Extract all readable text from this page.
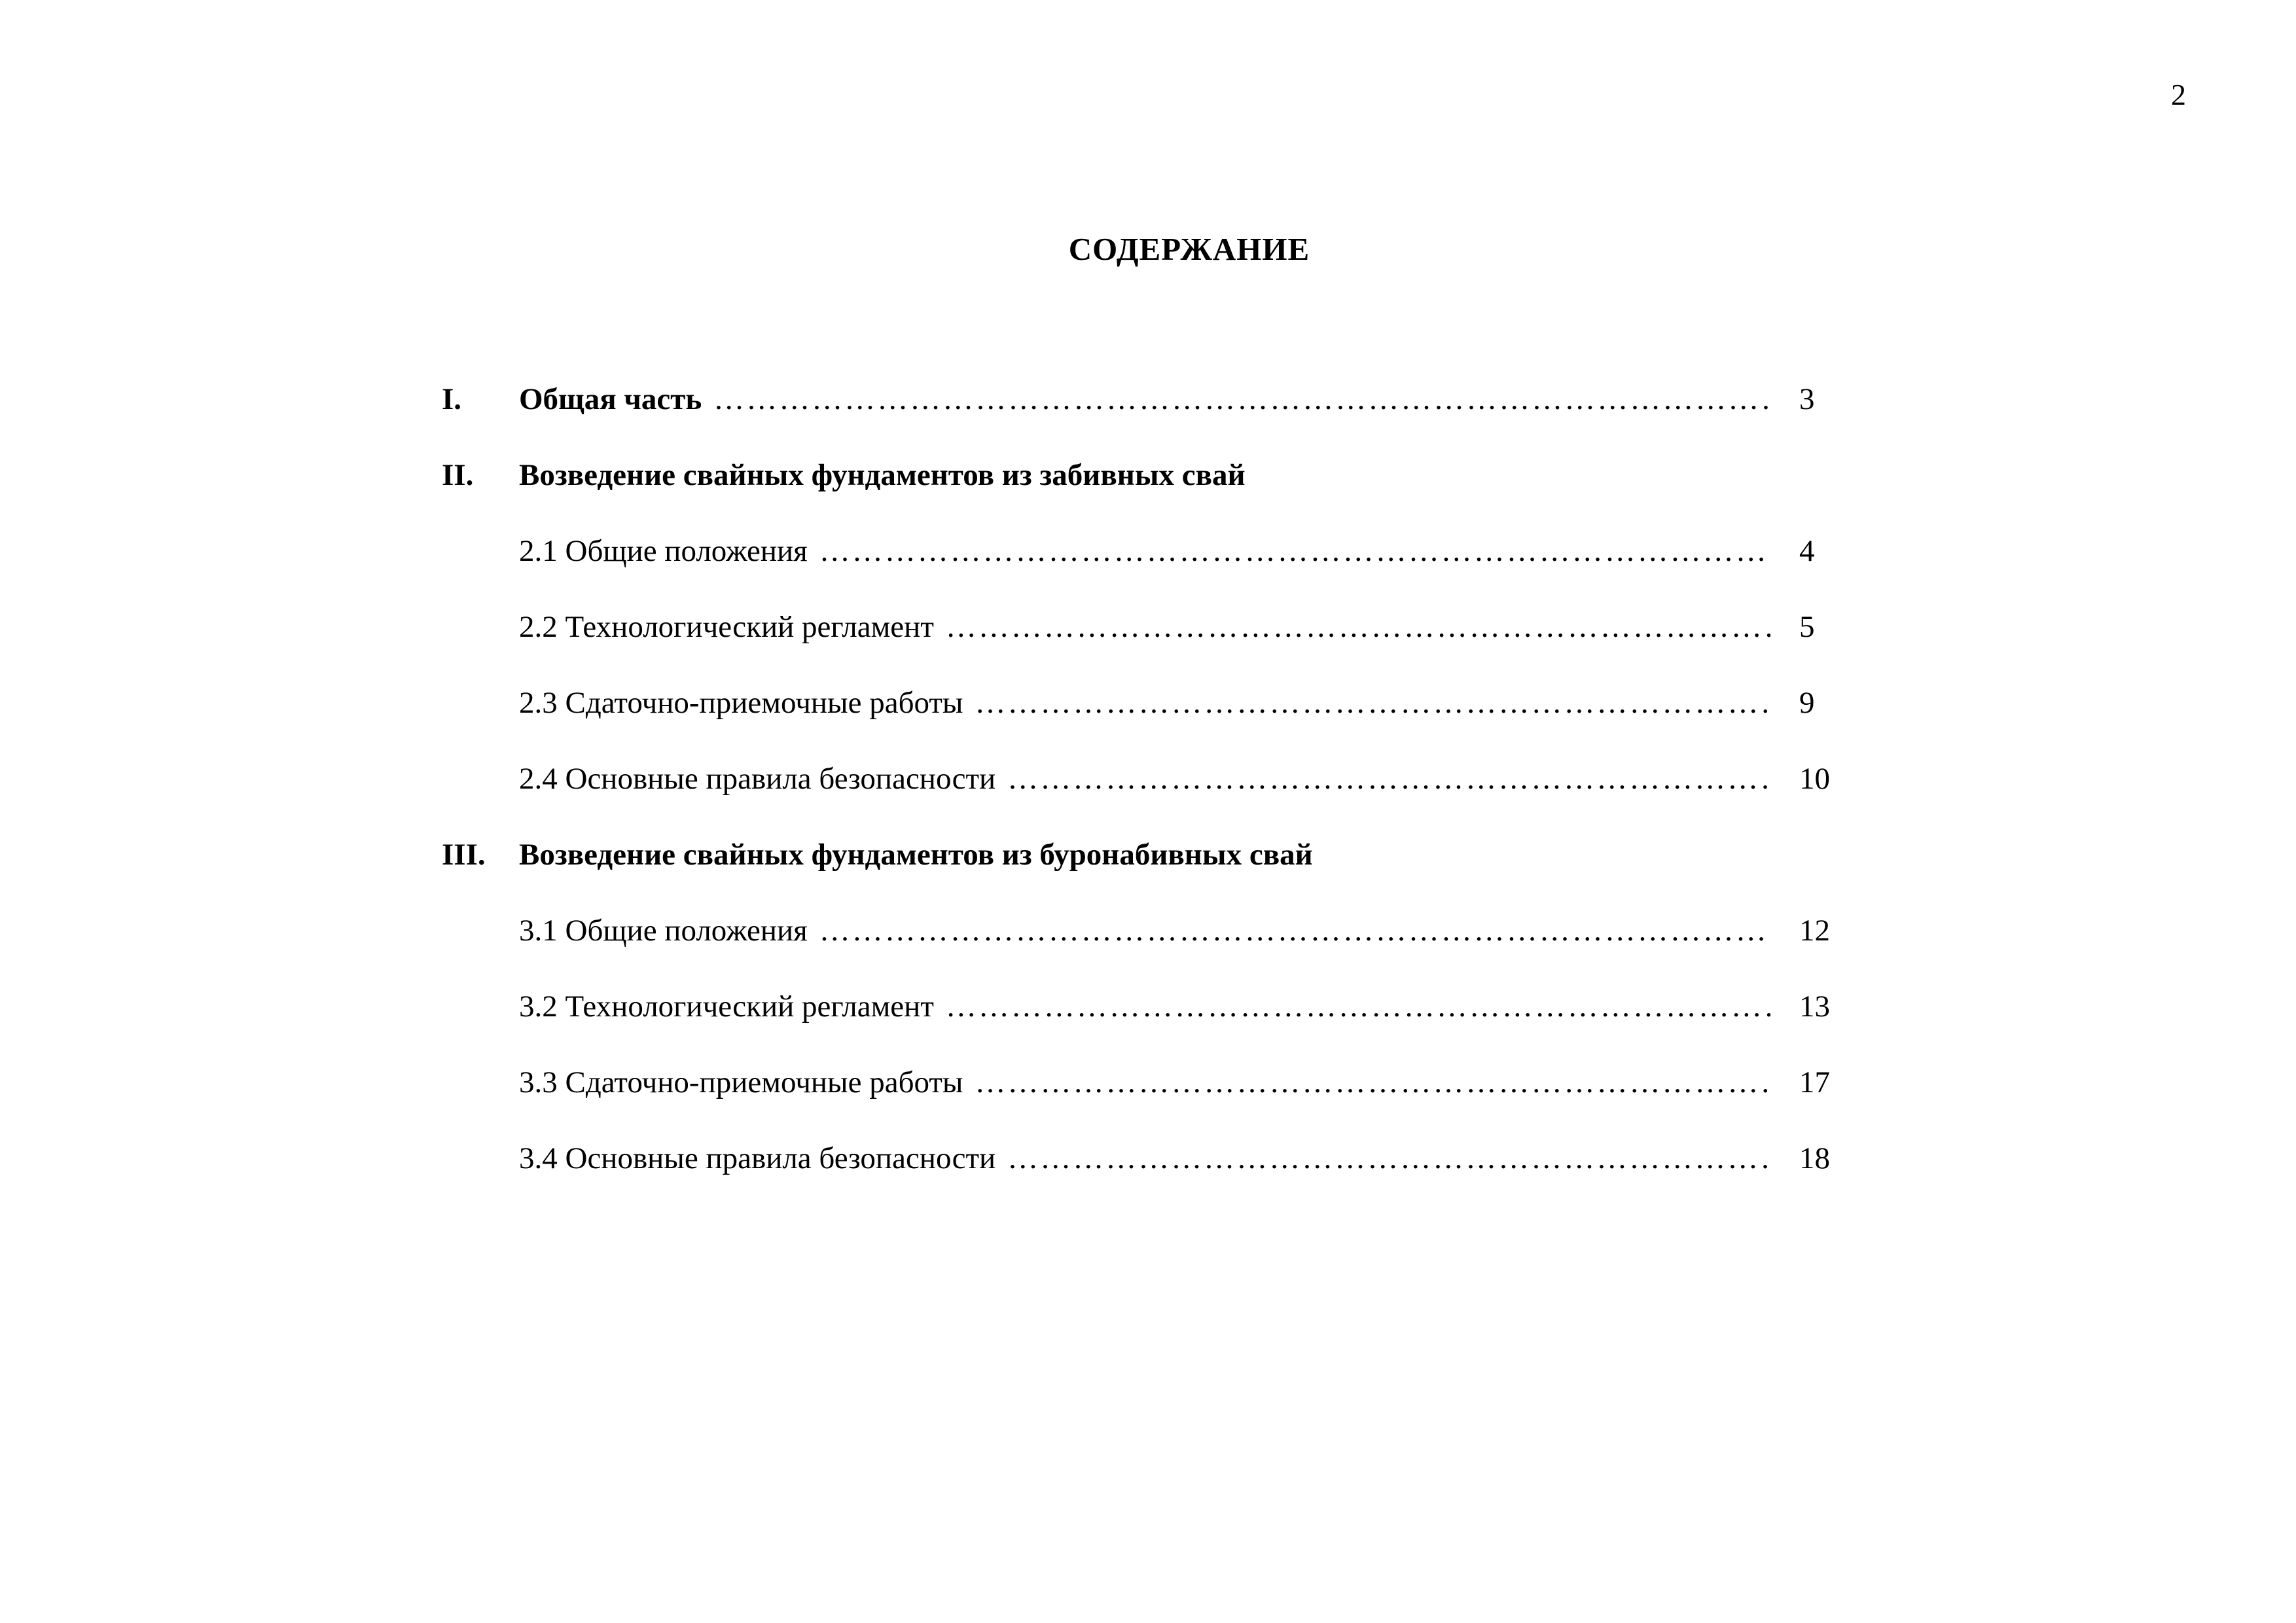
2
СОДЕРЖАНИЕ
I. Общая часть ……………………………………………………………………………………………………………………………………………………………………………………………………………………………	3
II. Возведение свайных фундаментов из забивных свай
2.1 Общие положения ……………………………………………………………………………………………………………………………………………………………………………………………………………………………	4
2.2 Технологический регламент ……………………………………………………………………………………………………………………………………………………………………………………………………………………………	5
2.3 Сдаточно-приемочные работы ……………………………………………………………………………………………………………………………………………………………………………………………………………………………	9
2.4 Основные правила безопасности ……………………………………………………………………………………………………………………………………………………………………………………………………………………………	10
III. Возведение свайных фундаментов из буронабивных свай
3.1 Общие положения ……………………………………………………………………………………………………………………………………………………………………………………………………………………………	12
3.2 Технологический регламент ……………………………………………………………………………………………………………………………………………………………………………………………………………………………	13
3.3 Сдаточно-приемочные работы ……………………………………………………………………………………………………………………………………………………………………………………………………………………………	17
3.4 Основные правила безопасности ……………………………………………………………………………………………………………………………………………………………………………………………………………………………	18
